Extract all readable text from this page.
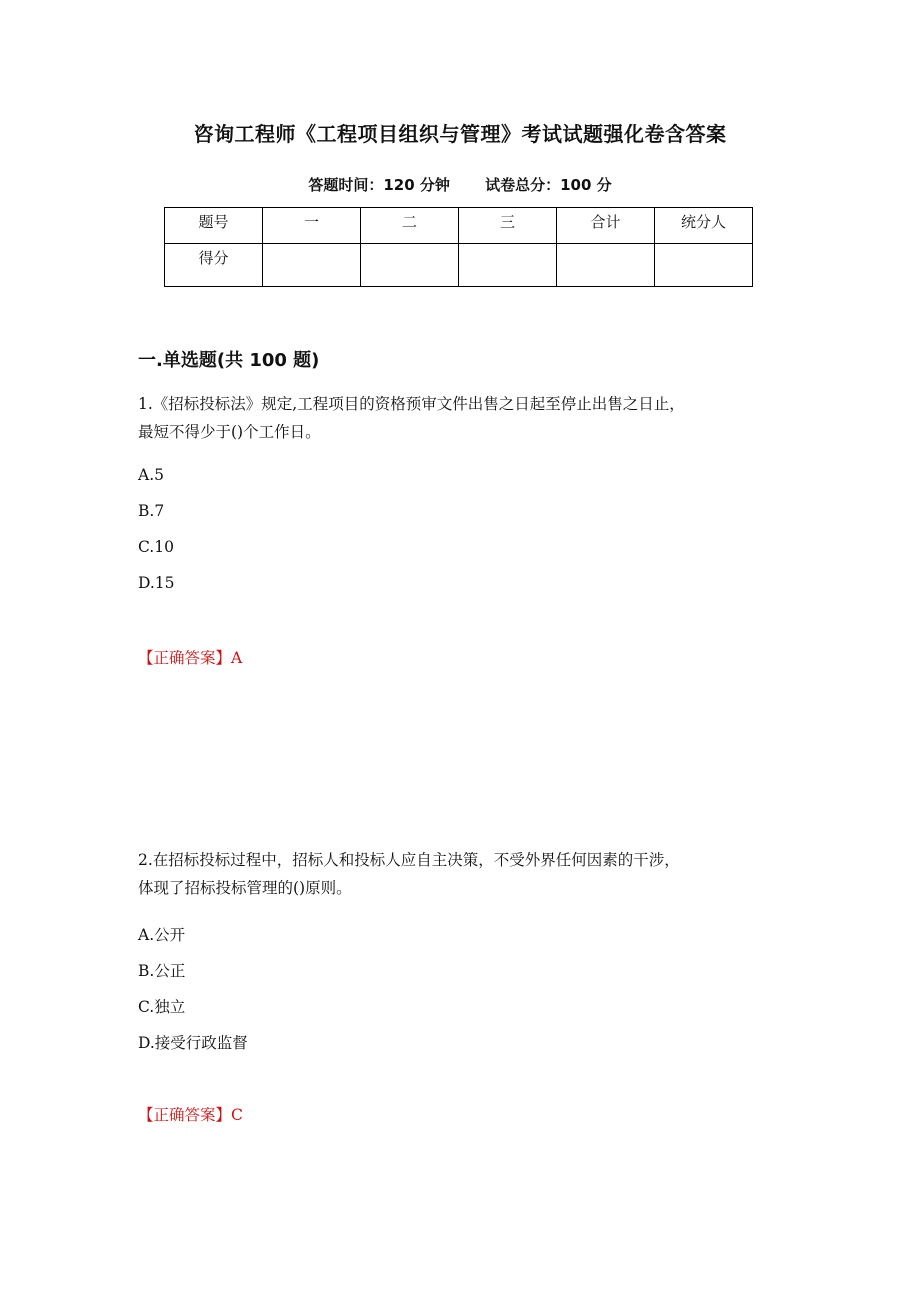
咨询工程师《工程项目组织与管理》考试试题强化卷含答案
答题时间：120 分钟 试卷总分：100 分
题号	一	二	三	合计	统分人
得分					
一.单选题(共 100 题)
1.《招标投标法》规定,工程项目的资格预审文件出售之日起至停止出售之日止，
最短不得少于()个工作日。
A.5
B.7
C.10
D.15
【正确答案】A
2.在招标投标过程中，招标人和投标人应自主决策，不受外界任何因素的干涉，
体现了招标投标管理的()原则。
A.公开
B.公正
C.独立
D.接受行政监督
【正确答案】C
